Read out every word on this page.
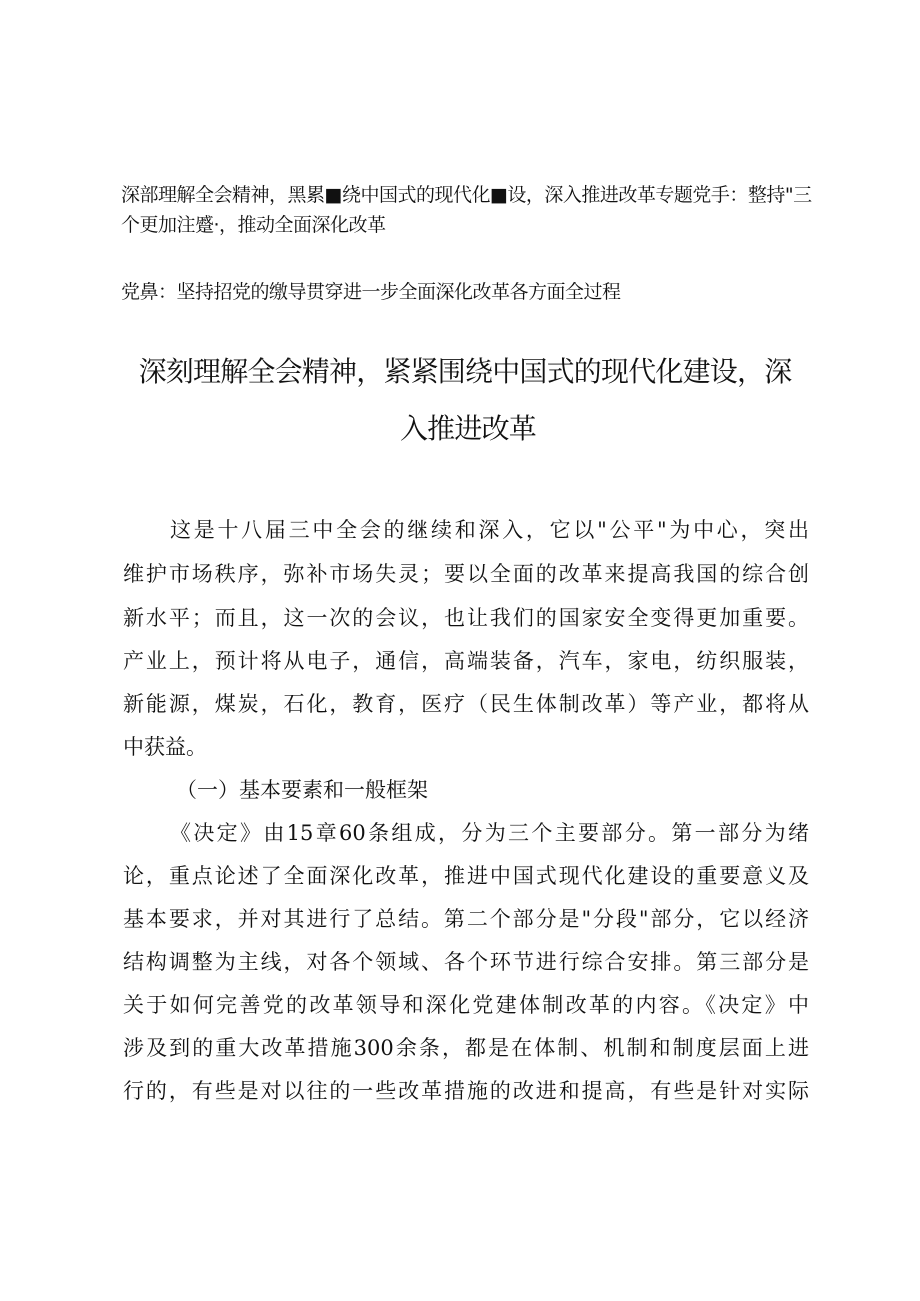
深部理解全会精神，黑累■绕中国式的现代化■设，深入推进改革专题党手：整持"三
个更加注蹙·，推动全面深化改革
党鼻：坚持招党的缴导贯穿进一步全面深化改革各方面全过程
深刻理解全会精神，紧紧围绕中国式的现代化建设，深
入推进改革
这是十八届三中全会的继续和深入，它以"公平"为中心，突出
维护市场秩序，弥补市场失灵；要以全面的改革来提高我国的综合创
新水平；而且，这一次的会议，也让我们的国家安全变得更加重要。
产业上，预计将从电子，通信，高端装备，汽车，家电，纺织服装，
新能源，煤炭，石化，教育，医疗（民生体制改革）等产业，都将从
中获益。
（一）基本要素和一般框架
《决定》由15章60条组成，分为三个主要部分。第一部分为绪
论，重点论述了全面深化改革，推进中国式现代化建设的重要意义及
基本要求，并对其进行了总结。第二个部分是"分段"部分，它以经济
结构调整为主线，对各个领域、各个环节进行综合安排。第三部分是
关于如何完善党的改革领导和深化党建体制改革的内容。《决定》中
涉及到的重大改革措施300余条，都是在体制、机制和制度层面上进
行的，有些是对以往的一些改革措施的改进和提高，有些是针对实际
